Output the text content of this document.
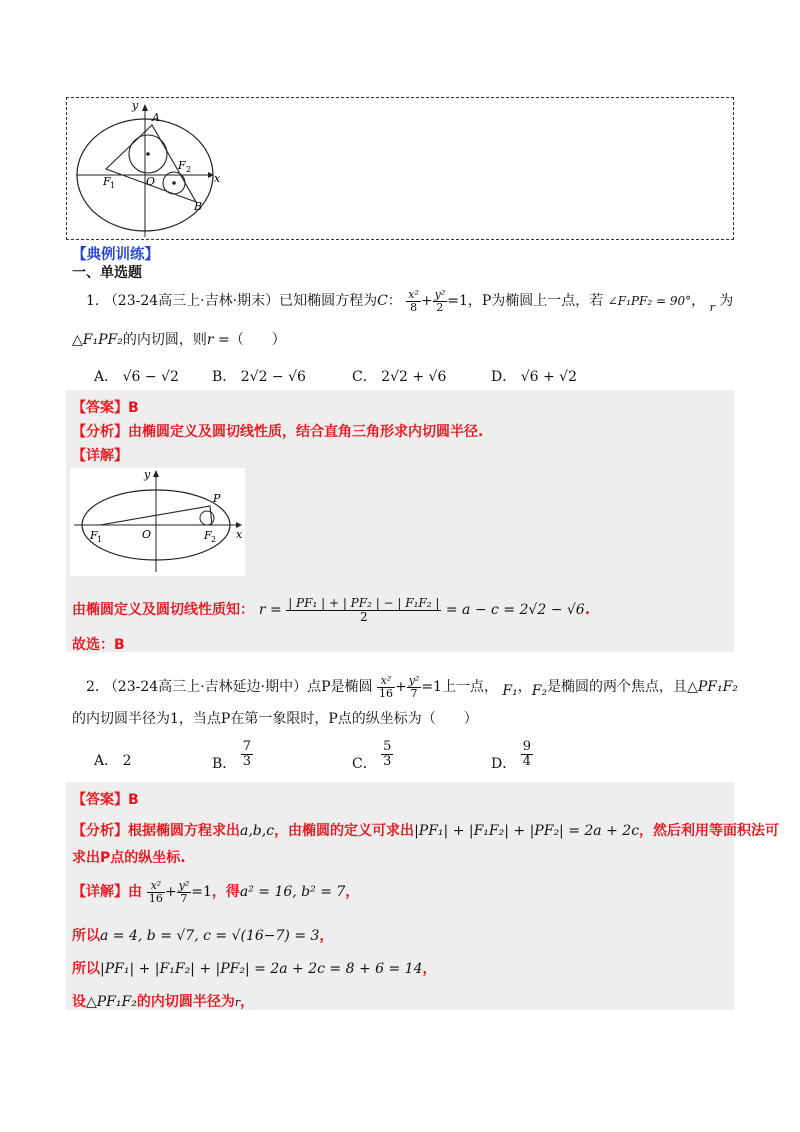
y
A
F 2
x
F 1	O
B
【典例训练】
一、单选题
1. （23-24高三上·吉林·期末）已知椭圆方程为C： $\frac{\text{x²}}{8} + \frac{\text{y²}}{2} =1$，P为椭圆上一点，若 ∠F₁PF₂ = 90°， $_r$ 为
△F₁PF₂的内切圆，则r =（　　）
A． √6 − √2 B． 2√2 − √6	C． 2√2 + √6	D． √6 + √2
【答案】B
【分析】由椭圆定义及圆切线性质，结合直角三角形求内切圆半径.
【详解】
y
P
O
F 1	F 2 x
由椭圆定义及圆切线性质知： $r = \frac{\text{| PF₁ | + | PF₂ | − | F₁F₂ |}}{2} = a - c = 2√2 - √6$.
故选：B
2. （23-24高三上·吉林延边·期中）点P是椭圆 $\frac{\text{x²}}{16} + \frac{\text{y²}}{7} =1$上一点， F₁，F₂是椭圆的两个焦点，且△PF₁F₂
的内切圆半径为1，当点P在第一象限时，P点的纵坐标为（　　）
A． 2	B． $\frac{7}{3}$	C． $\frac{5}{3}$	D． $\frac{9}{4}$
【答案】B
【分析】根据椭圆方程求出a,b,c，由椭圆的定义可求出|PF₁| + |F₁F₂| + |PF₂| = 2a + 2c，然后利用等面积法可
求出P点的纵坐标.
【详解】由 $\frac{\text{x²}}{16} + \frac{\text{y²}}{7} =1$，得a² = 16, b² = 7，
所以a = 4, b = √7, c = √(16−7) = 3，
所以|PF₁| + |F₁F₂| + |PF₂| = 2a + 2c = 8 + 6 = 14，
设△PF₁F₂的内切圆半径为r，
